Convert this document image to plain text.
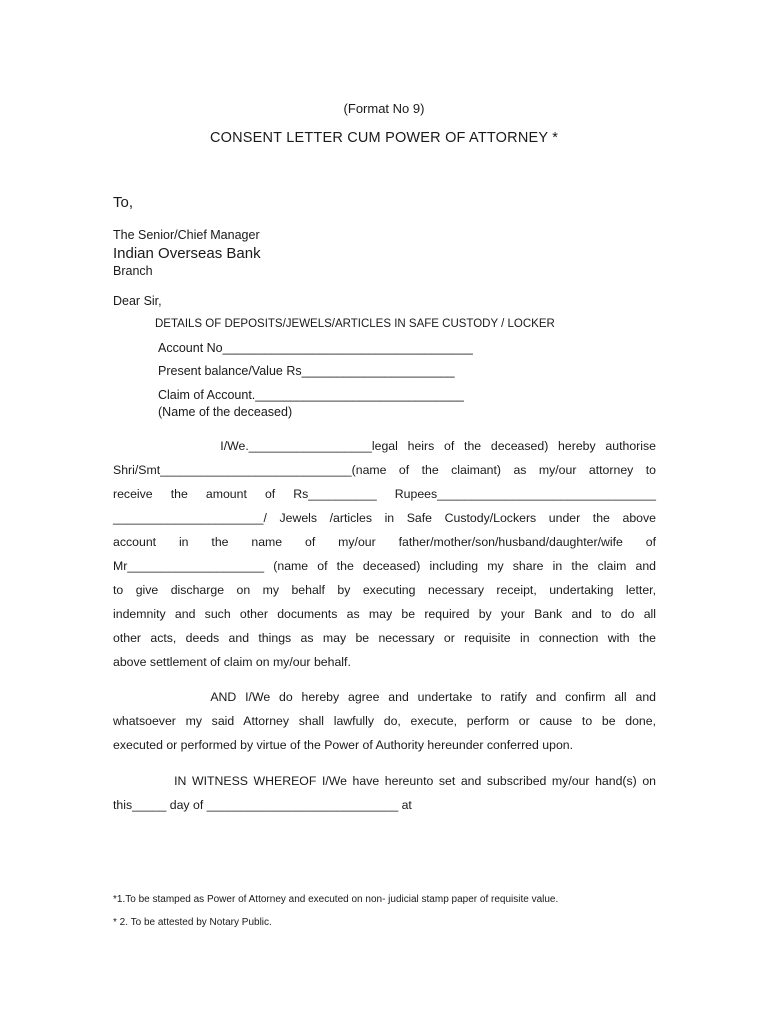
(Format No 9)
CONSENT LETTER CUM POWER OF ATTORNEY *
To,
The Senior/Chief Manager
Indian Overseas Bank
Branch
Dear Sir,
DETAILS OF DEPOSITS/JEWELS/ARTICLES IN SAFE CUSTODY / LOCKER
Account No____________________________________
Present balance/Value Rs______________________
Claim of Account.______________________________
(Name of the deceased)
I/We.__________________legal heirs of the deceased) hereby authorise
Shri/Smt____________________________(name of the claimant) as my/our attorney to
receive the amount of Rs__________ Rupees________________________________
______________________/ Jewels /articles in Safe Custody/Lockers under the above
account in the name of my/our father/mother/son/husband/daughter/wife of
Mr____________________ (name of the deceased) including my share in the claim and
to give discharge on my behalf by executing necessary receipt, undertaking letter,
indemnity and such other documents as may be required by your Bank and to do all
other acts, deeds and things as may be necessary or requisite in connection with the
above settlement of claim on my/our behalf.
AND I/We do hereby agree and undertake to ratify and confirm all and
whatsoever my said Attorney shall lawfully do, execute, perform or cause to be done,
executed or performed by virtue of the Power of Authority hereunder conferred upon.
IN WITNESS WHEREOF I/We have hereunto set and subscribed my/our hand(s) on
this_____ day of ____________________________ at
*1.To be stamped as Power of Attorney and executed on non- judicial stamp paper of requisite value.
* 2. To be attested by Notary Public.
